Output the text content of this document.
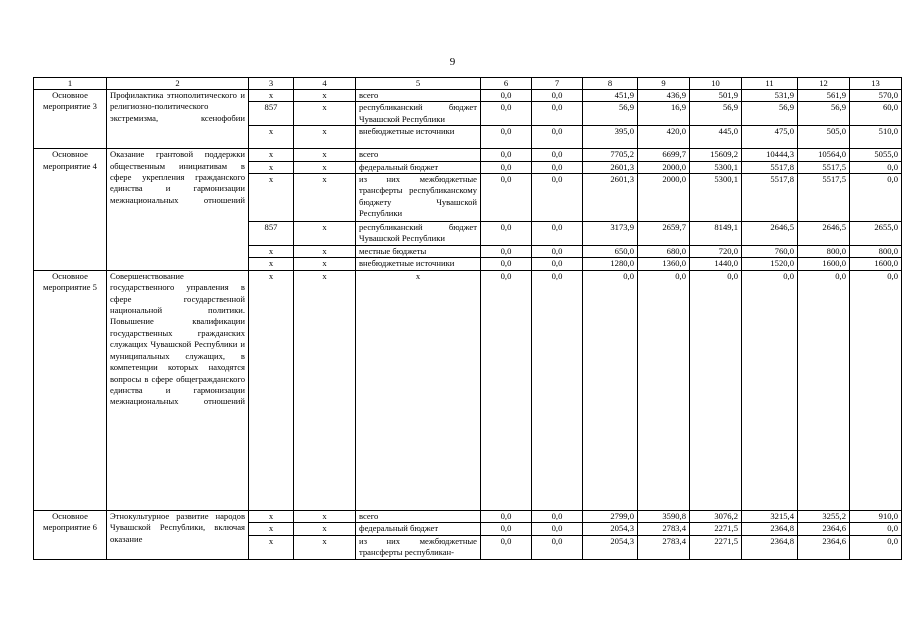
9
1	2	3	4	5	6	7	8	9	10	11	12	13
Основное мероприятие 3	Профилактика этнополитического и религиозно-политического экстремизма, ксенофобии	x	x	всего	0,0	0,0	451,9	436,9	501,9	531,9	561,9	570,0
		857	x	республиканский бюджет Чувашской Республики	0,0	0,0	56,9	16,9	56,9	56,9	56,9	60,0
		x	x	внебюджетные источники	0,0	0,0	395,0	420,0	445,0	475,0	505,0	510,0
Основное мероприятие 4	Оказание грантовой поддержки общественным инициативам в сфере укрепления гражданского единства и гармонизации межнациональных отношений	x	x	всего	0,0	0,0	7705,2	6699,7	15609,2	10444,3	10564,0	5055,0
		x	x	федеральный бюджет	0,0	0,0	2601,3	2000,0	5300,1	5517,8	5517,5	0,0
		x	x	из них межбюджетные трансферты республиканскому бюджету Чувашской Республики	0,0	0,0	2601,3	2000,0	5300,1	5517,8	5517,5	0,0
		857	x	республиканский бюджет Чувашской Республики	0,0	0,0	3173,9	2659,7	8149,1	2646,5	2646,5	2655,0
		x	x	местные бюджеты	0,0	0,0	650,0	680,0	720,0	760,0	800,0	800,0
		x	x	внебюджетные источники	0,0	0,0	1280,0	1360,0	1440,0	1520,0	1600,0	1600,0
Основное мероприятие 5	Совершенствование государственного управления в сфере государственной национальной политики. Повышение квалификации государственных гражданских служащих Чувашской Республики и муниципальных служащих, в компетенции которых находятся вопросы в сфере общегражданского единства и гармонизации межнациональных отношений	x	x	x	0,0	0,0	0,0	0,0	0,0	0,0	0,0	0,0
Основное мероприятие 6	Этнокультурное развитие народов Чувашской Республики, включая оказание	x	x	всего	0,0	0,0	2799,0	3590,8	3076,2	3215,4	3255,2	910,0
		x	x	федеральный бюджет	0,0	0,0	2054,3	2783,4	2271,5	2364,8	2364,6	0,0
		x	x	из них межбюджетные трансферты республикан-	0,0	0,0	2054,3	2783,4	2271,5	2364,8	2364,6	0,0
